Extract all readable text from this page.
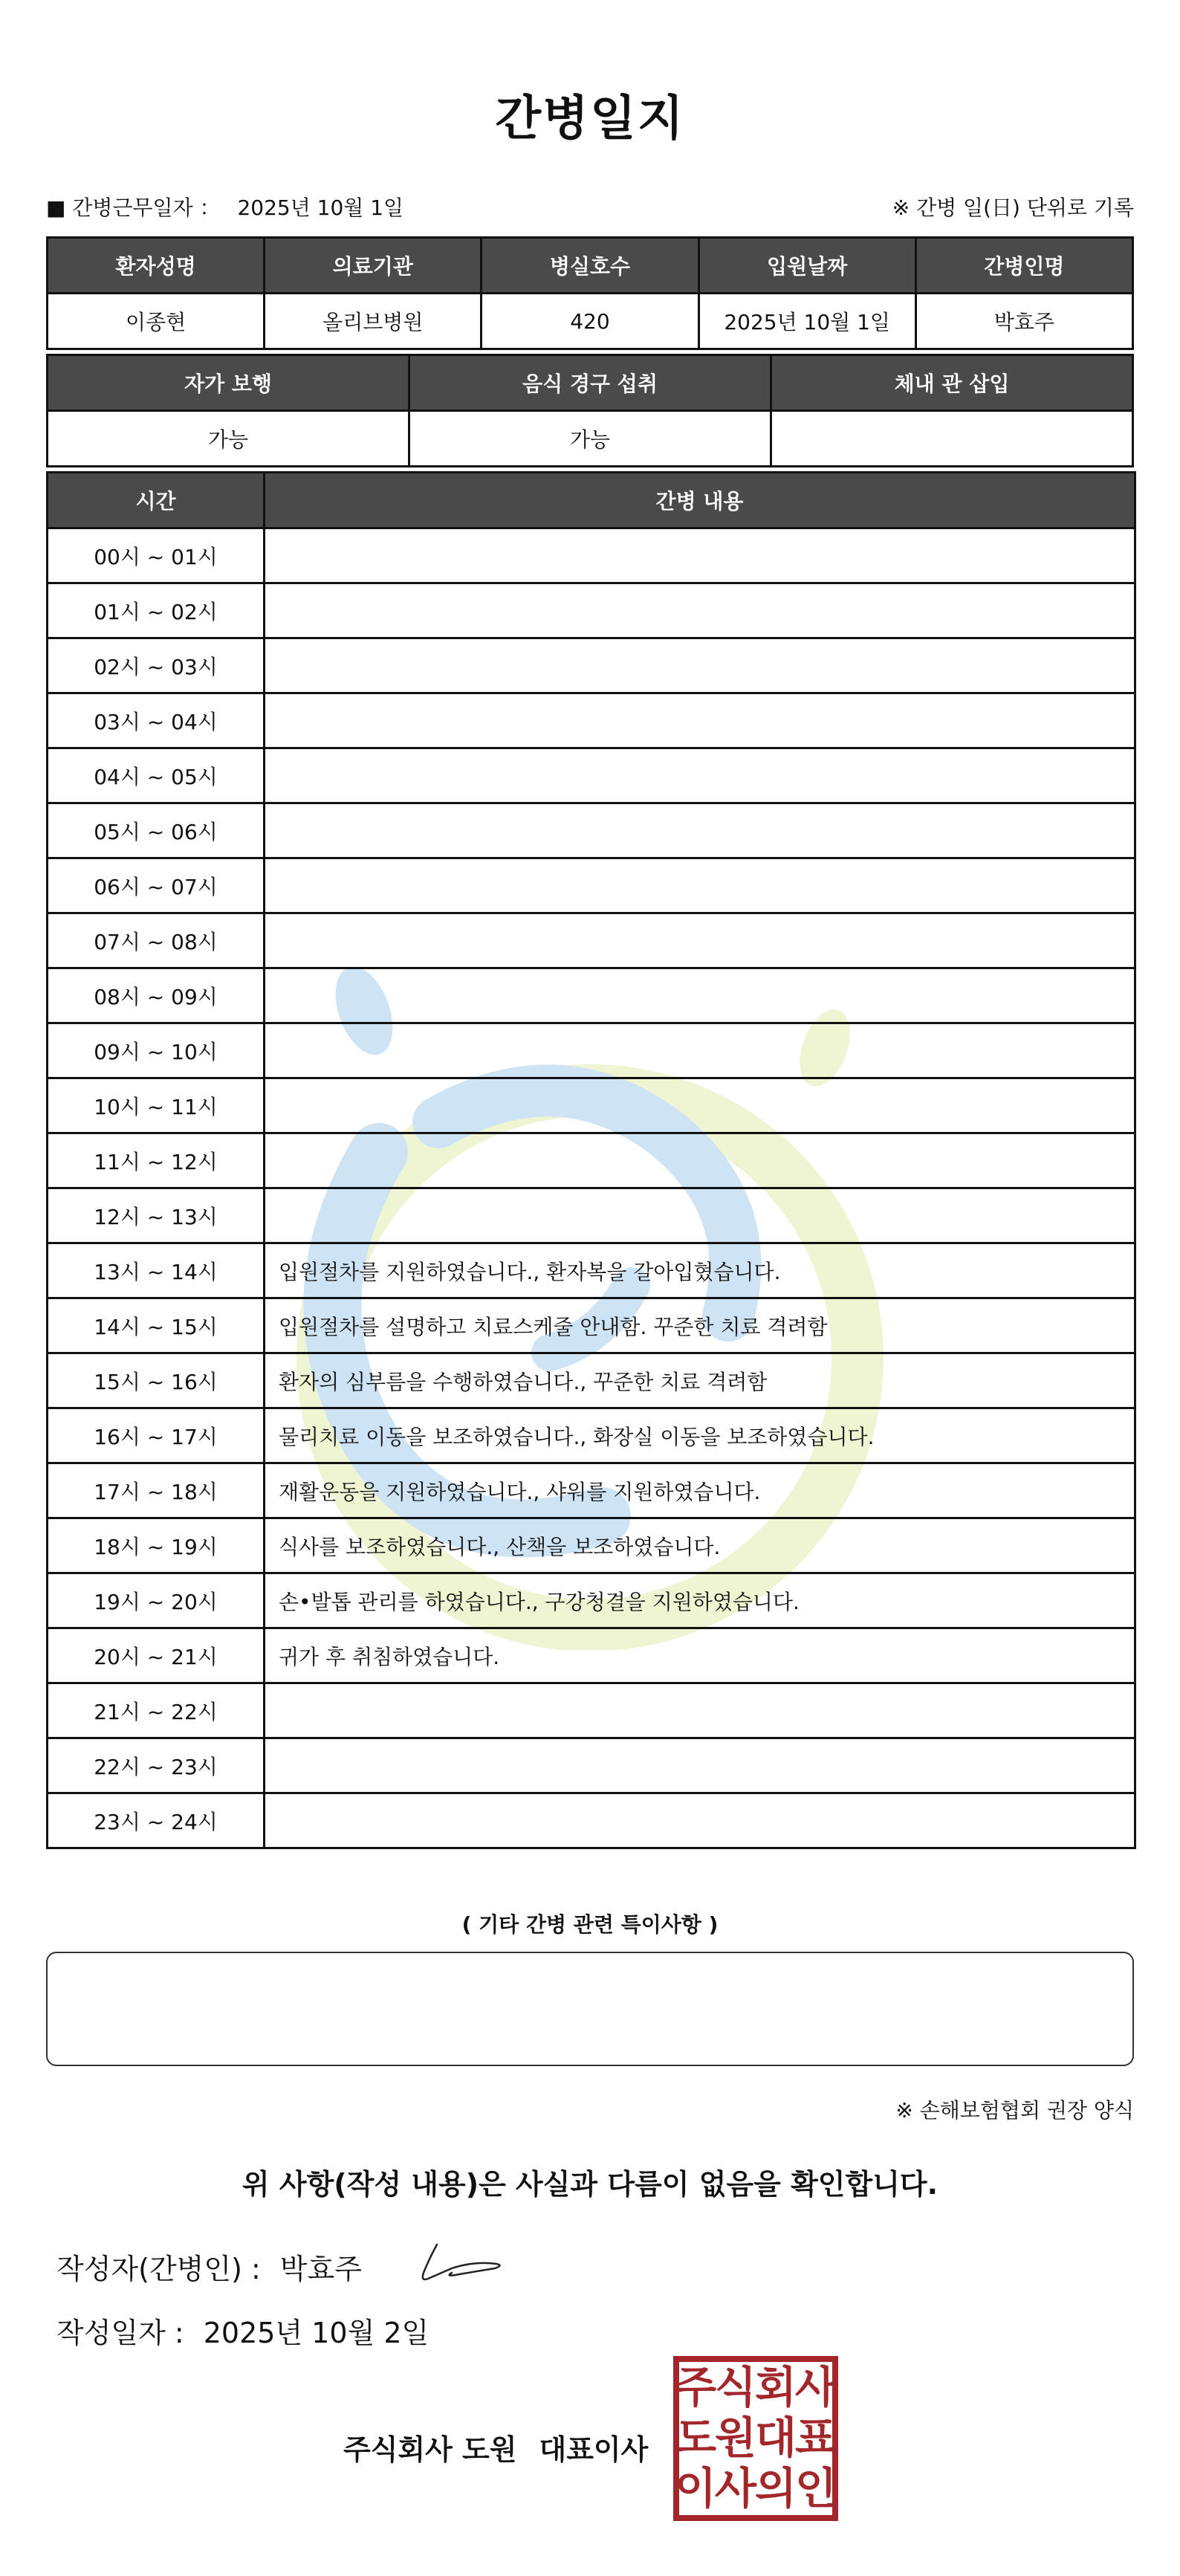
간병일지
■ 간병근무일자 ： 2025년 10월 1일	※ 간병 일(日) 단위로 기록
환자성명	의료기관	병실호수	입원날짜	간병인명
이종현	올리브병원	420	2025년 10월 1일	박효주
자가 보행	음식 경구 섭취	체내 관 삽입
가능	가능	
시간	간병 내용
00시 ~ 01시	
01시 ~ 02시	
02시 ~ 03시	
03시 ~ 04시	
04시 ~ 05시	
05시 ~ 06시	
06시 ~ 07시	
07시 ~ 08시	
08시 ~ 09시	
09시 ~ 10시	
10시 ~ 11시	
11시 ~ 12시	
12시 ~ 13시	
13시 ~ 14시	입원절차를 지원하였습니다., 환자복을 갈아입혔습니다.
14시 ~ 15시	입원절차를 설명하고 치료스케줄 안내함. 꾸준한 치료 격려함
15시 ~ 16시	환자의 심부름을 수행하였습니다., 꾸준한 치료 격려함
16시 ~ 17시	물리치료 이동을 보조하였습니다., 화장실 이동을 보조하였습니다.
17시 ~ 18시	재활운동을 지원하였습니다., 샤워를 지원하였습니다.
18시 ~ 19시	식사를 보조하였습니다., 산책을 보조하였습니다.
19시 ~ 20시	손•발톱 관리를 하였습니다., 구강청결을 지원하였습니다.
20시 ~ 21시	귀가 후 취침하였습니다.
21시 ~ 22시	
22시 ~ 23시	
23시 ~ 24시	
( 기타 간병 관련 특이사항 )
※ 손해보험협회 권장 양식
위 사항(작성 내용)은 사실과 다름이 없음을 확인합니다.
작성자(간병인) : 박효주
작성일자 : 2025년 10월 2일
주식회사 도원 대표이사
주
식
회
사
도
원
대
표
이
사
의
인
